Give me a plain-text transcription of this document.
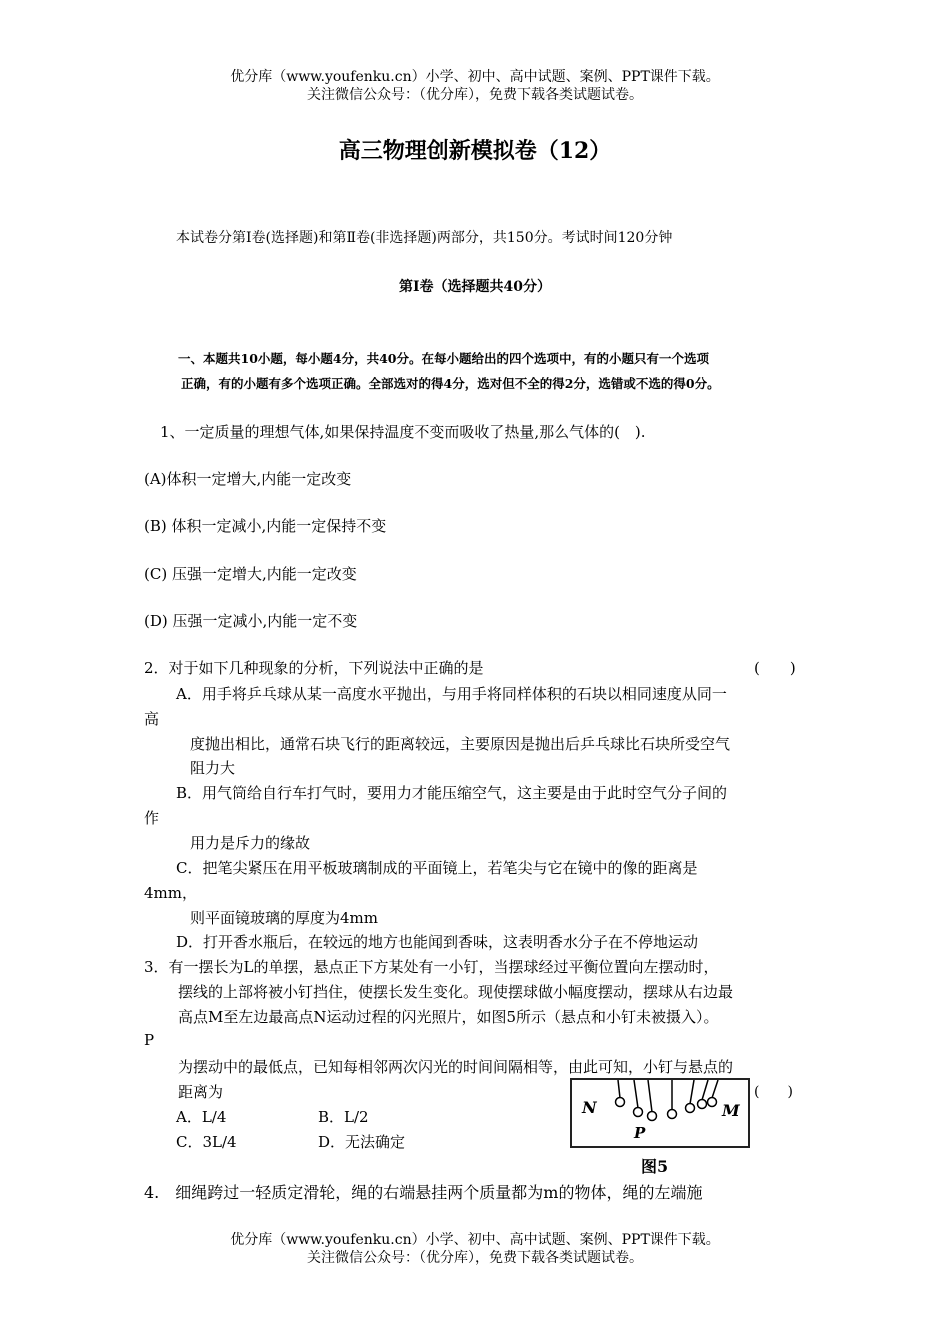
优分库（www.youfenku.cn）小学、初中、高中试题、案例、PPT课件下载。
关注微信公众号：（优分库），免费下载各类试题试卷。
高三物理创新模拟卷（12）
本试卷分第Ⅰ卷(选择题)和第Ⅱ卷(非选择题)两部分，共150分。考试时间120分钟
第Ⅰ卷（选择题共40分）
一、本题共10小题，每小题4分，共40分。在每小题给出的四个选项中，有的小题只有一个选项
正确，有的小题有多个选项正确。全部选对的得4分，选对但不全的得2分，选错或不选的得0分。
1、一定质量的理想气体,如果保持温度不变而吸收了热量,那么气体的(　).
(A)体积一定增大,内能一定改变
(B) 体积一定减小,内能一定保持不变
(C) 压强一定增大,内能一定改变
(D) 压强一定减小,内能一定不变
2．对于如下几种现象的分析，下列说法中正确的是	(　　)
A．用手将乒乓球从某一高度水平抛出，与用手将同样体积的石块以相同速度从同一
高
度抛出相比，通常石块飞行的距离较远，主要原因是抛出后乒乓球比石块所受空气
阻力大
B．用气筒给自行车打气时，要用力才能压缩空气，这主要是由于此时空气分子间的
作
用力是斥力的缘故
C．把笔尖紧压在用平板玻璃制成的平面镜上，若笔尖与它在镜中的像的距离是
4mm，
则平面镜玻璃的厚度为4mm
D．打开香水瓶后，在较远的地方也能闻到香味，这表明香水分子在不停地运动
3．有一摆长为L的单摆，悬点正下方某处有一小钉，当摆球经过平衡位置向左摆动时，
摆线的上部将被小钉挡住，使摆长发生变化。现使摆球做小幅度摆动，摆球从右边最
高点M至左边最高点N运动过程的闪光照片，如图5所示（悬点和小钉未被摄入）。
P
为摆动中的最低点，已知每相邻两次闪光的时间间隔相等，由此可知，小钉与悬点的
距离为
N	M
P
(　　)
图5
A．L/4	B．L/2
C．3L/4	D．无法确定
4.　细绳跨过一轻质定滑轮，绳的右端悬挂两个质量都为m的物体，绳的左端施
优分库（www.youfenku.cn）小学、初中、高中试题、案例、PPT课件下载。
关注微信公众号：（优分库），免费下载各类试题试卷。
